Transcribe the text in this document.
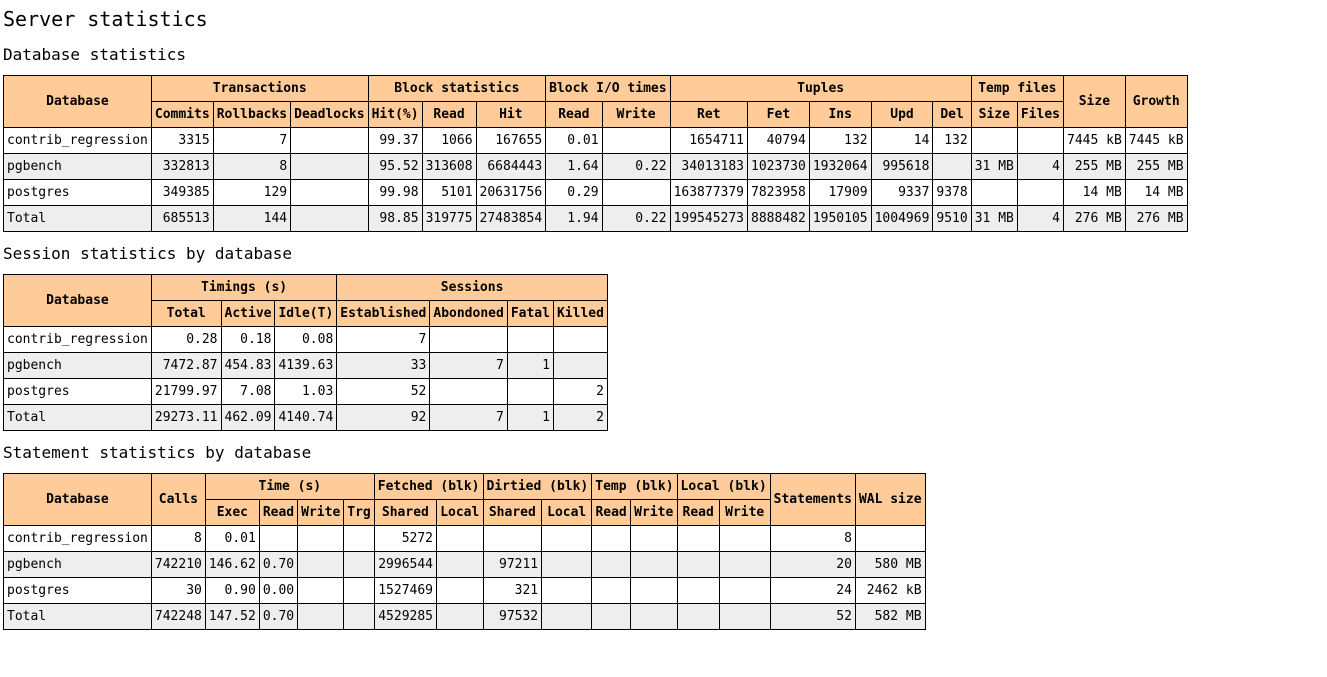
Server statistics
Database statistics
Database	Transactions			Block statistics			Block I/O times		Tuples					Temp files		Size	Growth
	Commits	Rollbacks	Deadlocks	Hit(%)	Read	Hit	Read	Write	Ret	Fet	Ins	Upd	Del	Size	Files		
contrib_regression	3315	7		99.37	1066	167655	0.01		1654711	40794	132	14	132			7445 kB	7445 kB
pgbench	332813	8		95.52	313608	6684443	1.64	0.22	34013183	1023730	1932064	995618		31 MB	4	255 MB	255 MB
postgres	349385	129		99.98	5101	20631756	0.29		163877379	7823958	17909	9337	9378			14 MB	14 MB
Total	685513	144		98.85	319775	27483854	1.94	0.22	199545273	8888482	1950105	1004969	9510	31 MB	4	276 MB	276 MB
Session statistics by database
Database	Timings (s)			Sessions			
	Total	Active	Idle(T)	Established	Abondoned	Fatal	Killed
contrib_regression	0.28	0.18	0.08	7			
pgbench	7472.87	454.83	4139.63	33	7	1	
postgres	21799.97	7.08	1.03	52			2
Total	29273.11	462.09	4140.74	92	7	1	2
Statement statistics by database
Database	Calls	Time (s)				Fetched (blk)		Dirtied (blk)		Temp (blk)		Local (blk)		Statements	WAL size
		Exec	Read	Write	Trg	Shared	Local	Shared	Local	Read	Write	Read	Write		
contrib_regression	8	0.01				5272								8	
pgbench	742210	146.62	0.70			2996544		97211						20	580 MB
postgres	30	0.90	0.00			1527469		321						24	2462 kB
Total	742248	147.52	0.70			4529285		97532						52	582 MB
